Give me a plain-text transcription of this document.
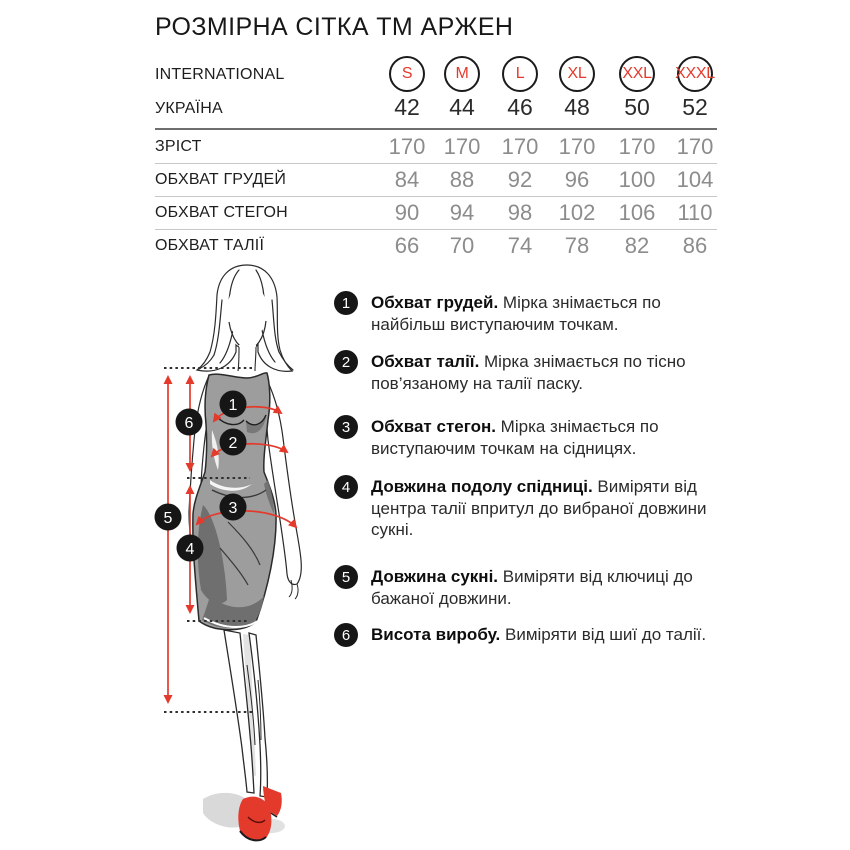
РОЗМІРНА СІТКА ТМ АРЖЕН
INTERNATIONAL	S	M	L	XL	XXL XXXL
УКРАЇНА	42	44	46	48	50	52
ЗРІСТ	170 170 170 170	170 170
ОБХВАТ ГРУДЕЙ	84	88	92	96	100 104
ОБХВАТ СТЕГОН	90	94	98	102	106	110
ОБХВАТ ТАЛІЇ	66	70	74	78	82	86
1
2
3
4
5
6
1	Обхват грудей. Мірка знімається по найбільш виступаючим точкам.

2	Обхват талії. Мірка знімається по тісно пов’язаному на талії паску.

3	Обхват стегон. Мірка знімається по виступаючим точкам на сідницях.

4	Довжина подолу спідниці. Виміряти від центра талії впритул до вибраної довжини сукні.

5	Довжина сукні. Виміряти від ключиці до бажаної довжини.

6	Висота виробу. Виміряти від шиї до талії.
